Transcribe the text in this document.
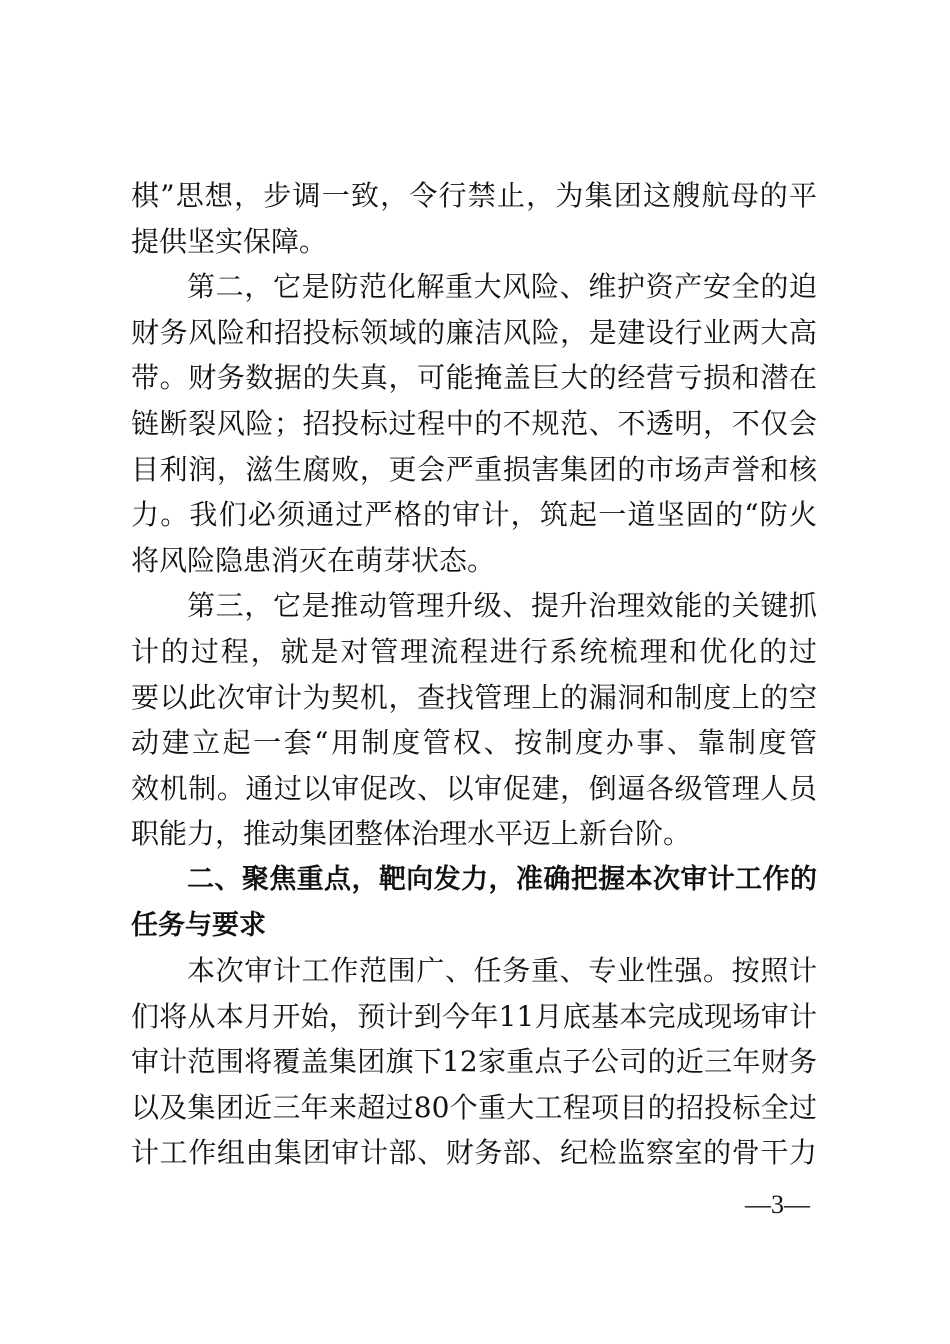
棋”思想，步调一致，令行禁止，为集团这艘航母的平
提供坚实保障。
第二，它是防范化解重大风险、维护资产安全的迫
财务风险和招投标领域的廉洁风险，是建设行业两大高
带。财务数据的失真，可能掩盖巨大的经营亏损和潜在
链断裂风险；招投标过程中的不规范、不透明，不仅会
目利润，滋生腐败，更会严重损害集团的市场声誉和核
力。我们必须通过严格的审计，筑起一道坚固的“防火
将风险隐患消灭在萌芽状态。
第三，它是推动管理升级、提升治理效能的关键抓
计的过程，就是对管理流程进行系统梳理和优化的过
要以此次审计为契机，查找管理上的漏洞和制度上的空
动建立起一套“用制度管权、按制度办事、靠制度管
效机制。通过以审促改、以审促建，倒逼各级管理人员
职能力，推动集团整体治理水平迈上新台阶。
二、聚焦重点，靶向发力，准确把握本次审计工作的
任务与要求
本次审计工作范围广、任务重、专业性强。按照计
们将从本月开始，预计到今年11月底基本完成现场审计
审计范围将覆盖集团旗下12家重点子公司的近三年财务
以及集团近三年来超过80个重大工程项目的招投标全过
计工作组由集团审计部、财务部、纪检监察室的骨干力
—3—
